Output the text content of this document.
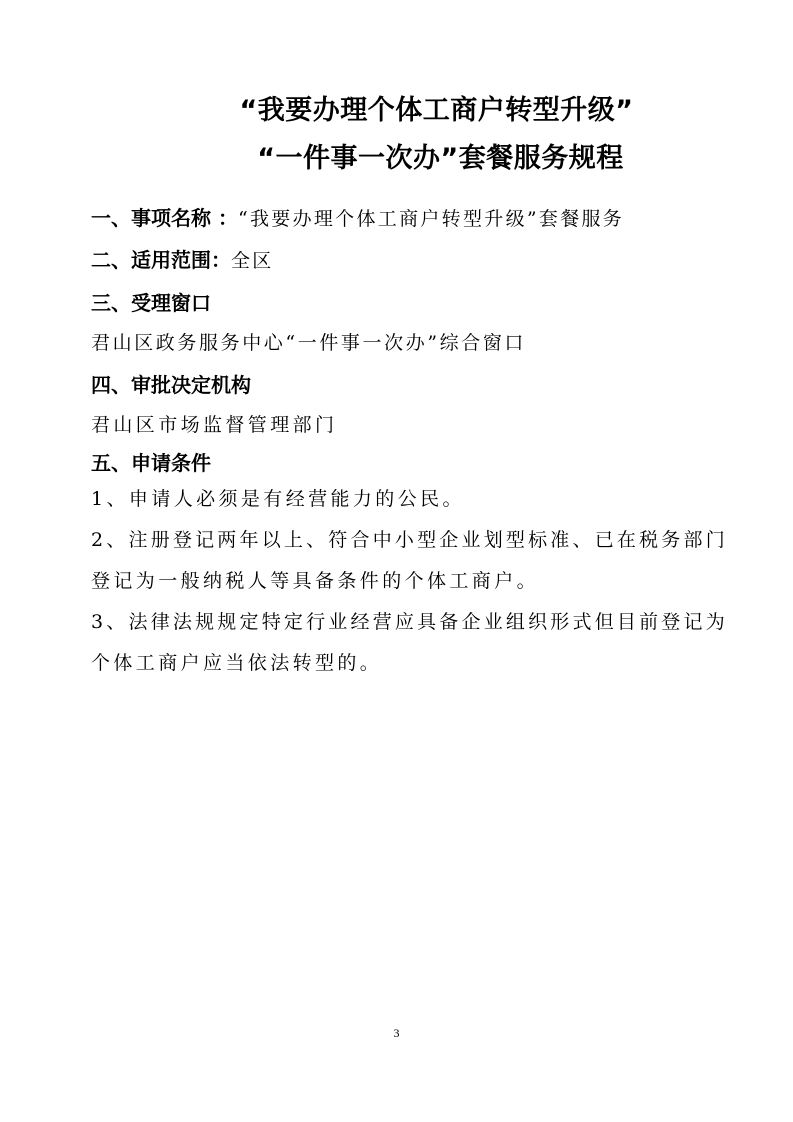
“我要办理个体工商户转型升级”
“一件事一次办”套餐服务规程
一、事项名称 ：“我要办理个体工商户转型升级”套餐服务
二、适用范围：全区
三、受理窗口
君山区政务服务中心“一件事一次办”综合窗口
四、审批决定机构
君山区市场监督管理部门
五、申请条件
1、申请人必须是有经营能力的公民。
2、注册登记两年以上、符合中小型企业划型标准、已在税务部门
登记为一般纳税人等具备条件的个体工商户。
3、法律法规规定特定行业经营应具备企业组织形式但目前登记为
个体工商户应当依法转型的。
3
